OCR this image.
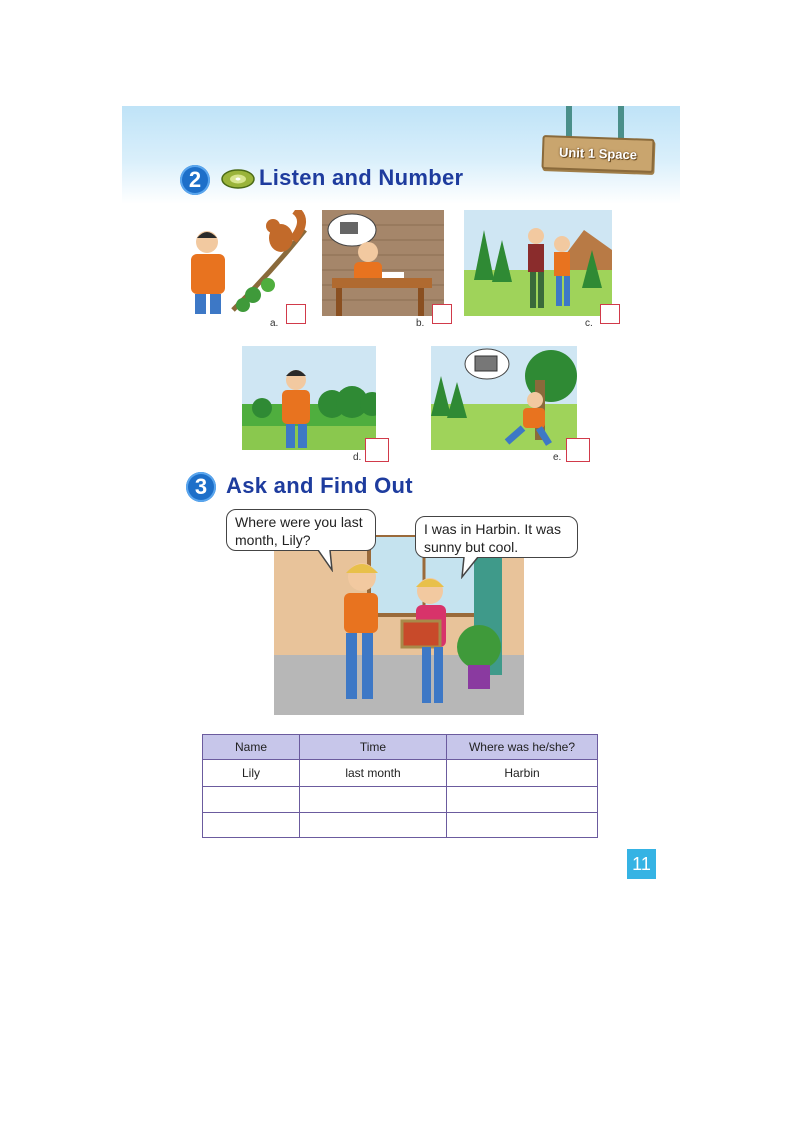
Unit 1 Space
2	Listen and Number
a.	b.	c.
d.	e.
3 Ask and Find Out
Where were you last month, Lily?
I was in Harbin. It was sunny but cool.
Name	Time	Where was he/she?
Lily	last month	Harbin

11
